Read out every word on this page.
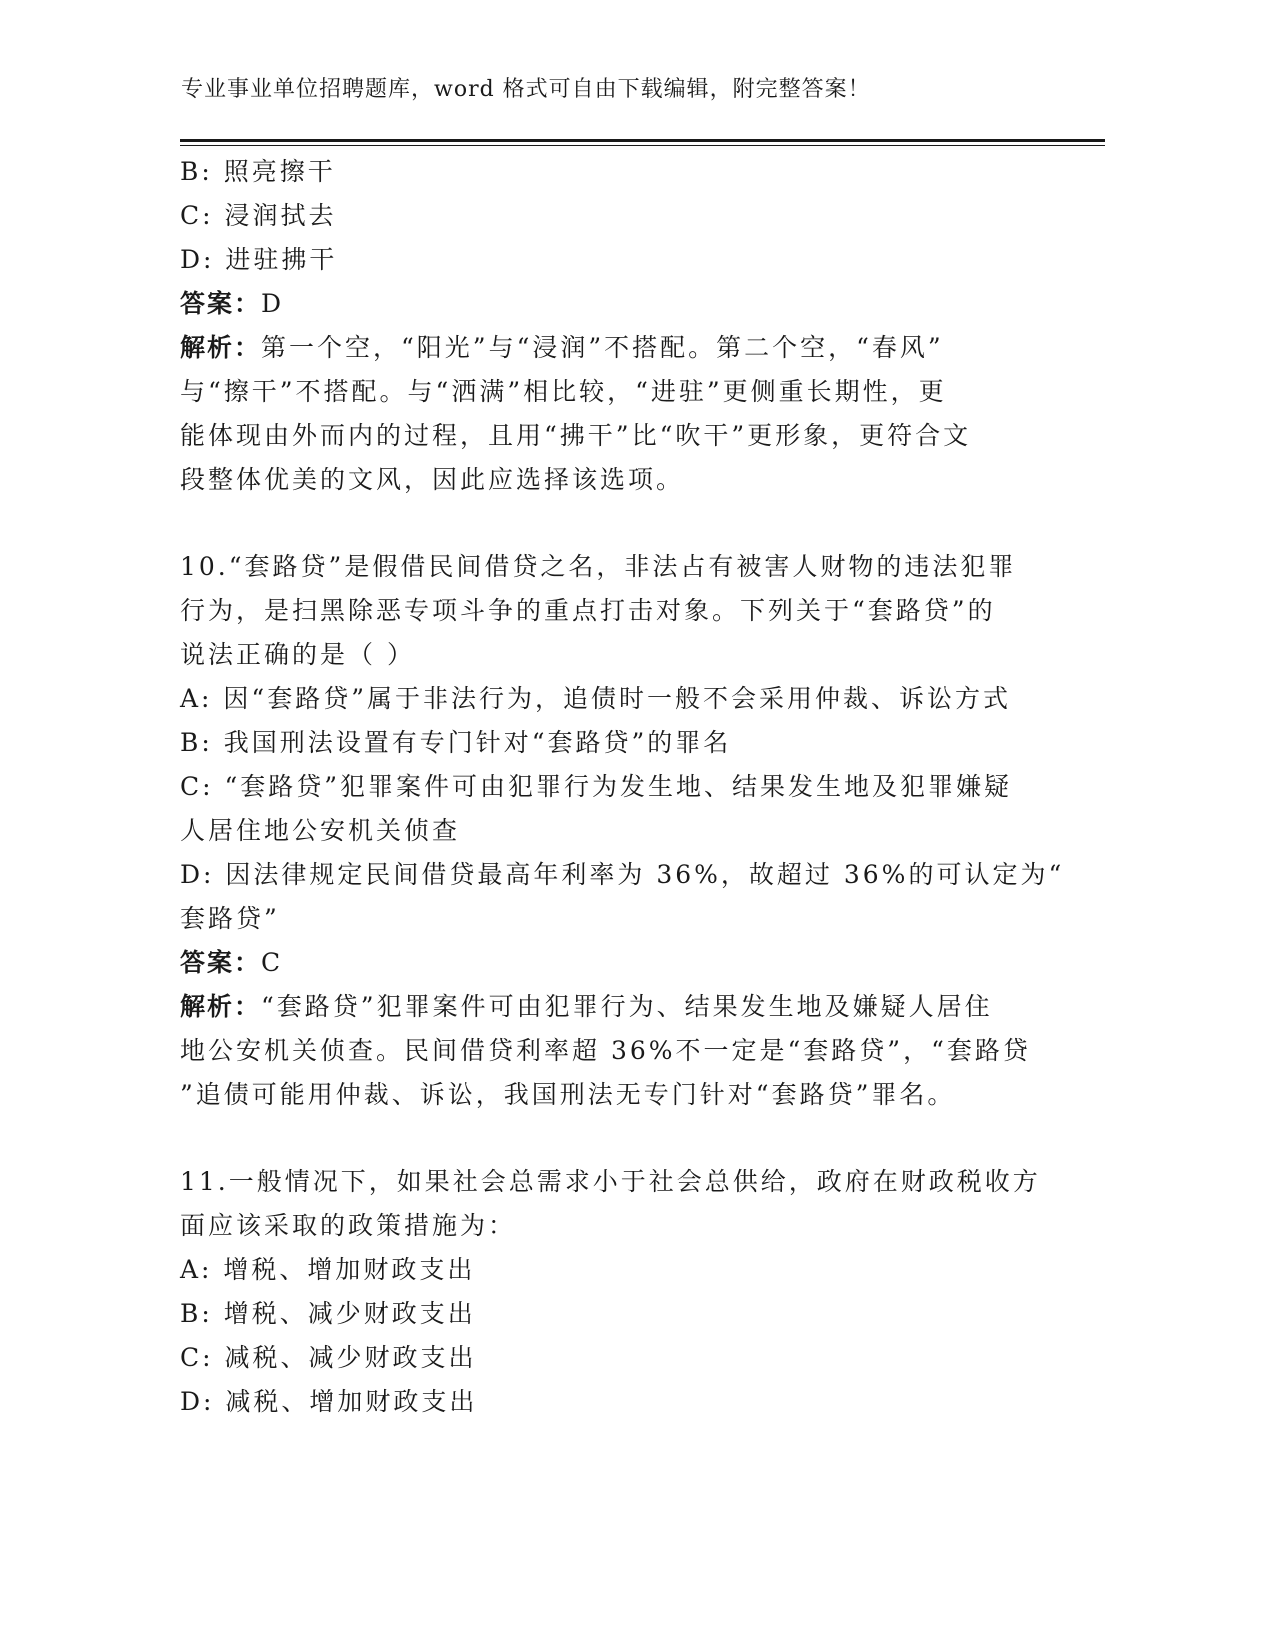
专业事业单位招聘题库，word 格式可自由下载编辑，附完整答案！
B: 照亮擦干
C: 浸润拭去
D: 进驻拂干
答案：D
解析：第一个空，“阳光”与“浸润”不搭配。第二个空，“春风”
与“擦干”不搭配。与“洒满”相比较，“进驻”更侧重长期性，更
能体现由外而内的过程，且用“拂干”比“吹干”更形象，更符合文
段整体优美的文风，因此应选择该选项。
10.“套路贷”是假借民间借贷之名，非法占有被害人财物的违法犯罪
行为，是扫黑除恶专项斗争的重点打击对象。下列关于“套路贷”的
说法正确的是（ ）
A: 因“套路贷”属于非法行为，追债时一般不会采用仲裁、诉讼方式
B: 我国刑法设置有专门针对“套路贷”的罪名
C: “套路贷”犯罪案件可由犯罪行为发生地、结果发生地及犯罪嫌疑
人居住地公安机关侦查
D: 因法律规定民间借贷最高年利率为 36%，故超过 36%的可认定为“
套路贷”
答案：C
解析：“套路贷”犯罪案件可由犯罪行为、结果发生地及嫌疑人居住
地公安机关侦查。民间借贷利率超 36%不一定是“套路贷”，“套路贷
”追债可能用仲裁、诉讼，我国刑法无专门针对“套路贷”罪名。
11.一般情况下，如果社会总需求小于社会总供给，政府在财政税收方
面应该采取的政策措施为：
A: 增税、增加财政支出
B: 增税、减少财政支出
C: 减税、减少财政支出
D: 减税、增加财政支出
